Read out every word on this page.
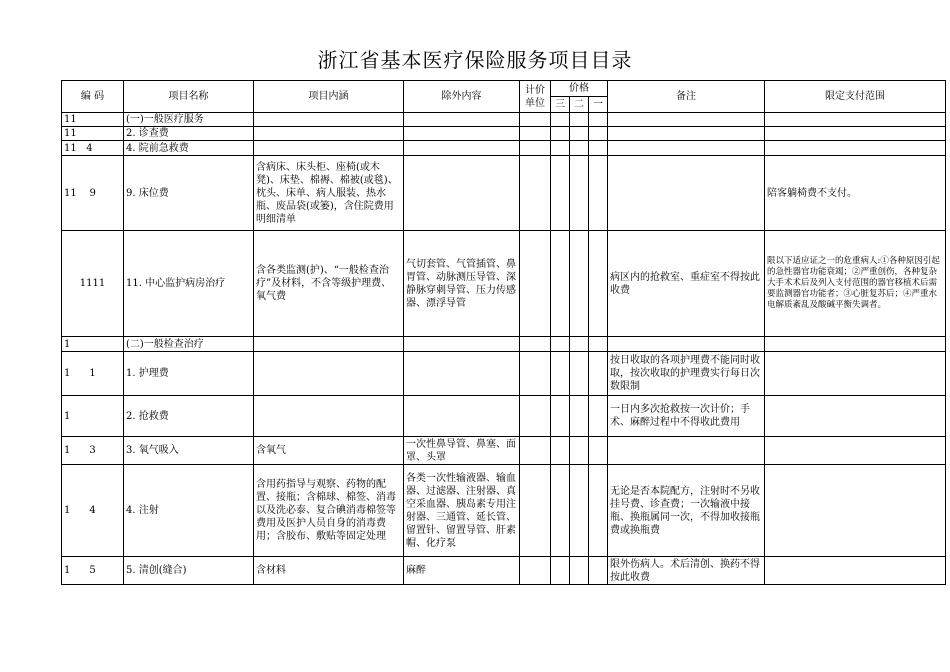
浙江省基本医疗保险服务项目目录
编 码	项目名称	项目内涵	除外内容	计价单位	价格			备注	限定支付范围
					三	二	一		
11	(一)一般医疗服务								
11	2. 诊查费								
11   4	4. 院前急救费								
11    9	9. 床位费	含病床、床头柜、座椅(或木凳)、床垫、棉褥、棉被(或毯)、枕头、床单、病人服装、热水瓶、废品袋(或篓)，含住院费用明细清单							陪客躺椅费不支付。
1111	11. 中心监护病房治疗	含各类监测(护)、“一般检查治疗”及材料，不含等级护理费、氧气费	气切套管、气管插管、鼻胃管、动脉测压导管、深静脉穿刺导管、压力传感器、漂浮导管					病区内的抢救室、重症室不得按此收费	限以下适应证之一的危重病人:①各种原因引起的急性器官功能衰竭；②严重创伤，各种复杂大手术术后及列入支付范围的器官移植术后需要监测器官功能者；③心脏复苏后；④严重水电解质紊乱及酸碱平衡失调者。
1	(二)一般检查治疗								
1      1	1. 护理费							按日收取的各项护理费不能同时收取，按次收取的护理费实行每日次数限制	
1	2. 抢救费							一日内多次抢救按一次计价；手术、麻醉过程中不得收此费用	
1      3	3. 氧气吸入	含氧气	一次性鼻导管、鼻塞、面罩、头罩						
1      4	4. 注射	含用药指导与观察、药物的配置、接瓶；含棉球、棉签、消毒以及洗必泰、复合碘消毒棉签等费用及医护人员自身的消毒费用；含胶布、敷贴等固定处理	各类一次性输液器、输血器、过滤器、注射器、真空采血器、胰岛素专用注射器、三通管、延长管、留置针、留置导管、肝素帽、化疗泵					无论是否本院配方，注射时不另收挂号费、诊查费；一次输液中接瓶、换瓶属同一次，不得加收接瓶费或换瓶费	
1      5	5. 清创(缝合)	含材料	麻醉					限外伤病人。术后清创、换药不得按此收费	
